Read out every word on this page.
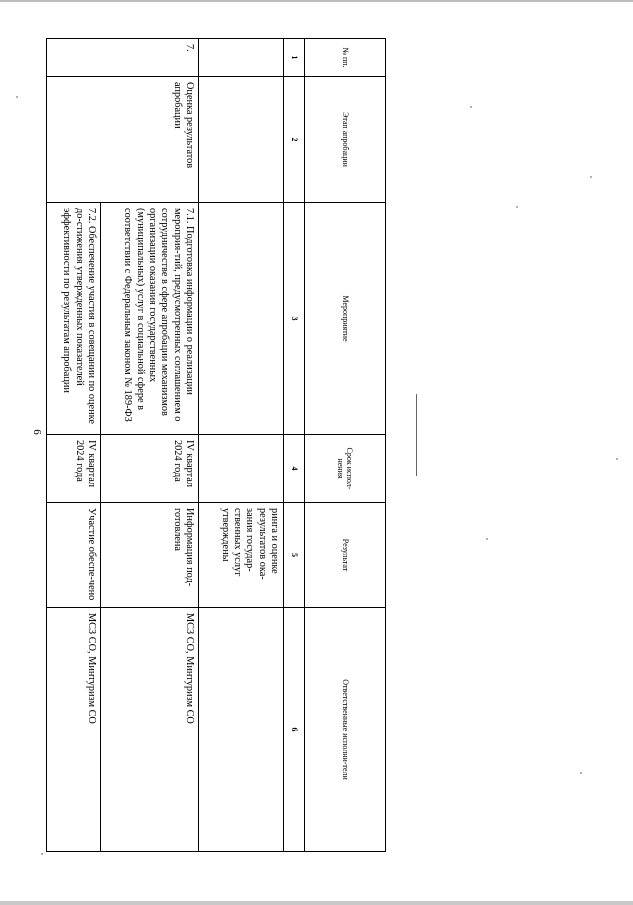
6
№ пп.	Этап апробации	Мероприятие	Срок испол-нения	Результат	Ответственные исполни-тели
1	2	3	4	5	6
				ринга и оценке результатов ока-зания государ-ственных услуг утверждены	
7.	Оценка результатов апробации	7.1. Подготовка информации о реализации мероприя-тий, предусмотренных соглашением о сотрудничестве в сфере апробации механизмов организации оказания государственных (муниципальных) услуг в социальной сфере в соответствии с Федеральным законом № 189-ФЗ	IV квартал 2024 года	Информация под-готовлена	МСЗ СО, Минтуризм СО
		7.2. Обеспечение участия в совещании по оценке до-стижения утвержденных показателей эффективности по результатам апробации	IV квартал 2024 года	Участие обеспе-чено	МСЗ СО, Минтуризм СО
